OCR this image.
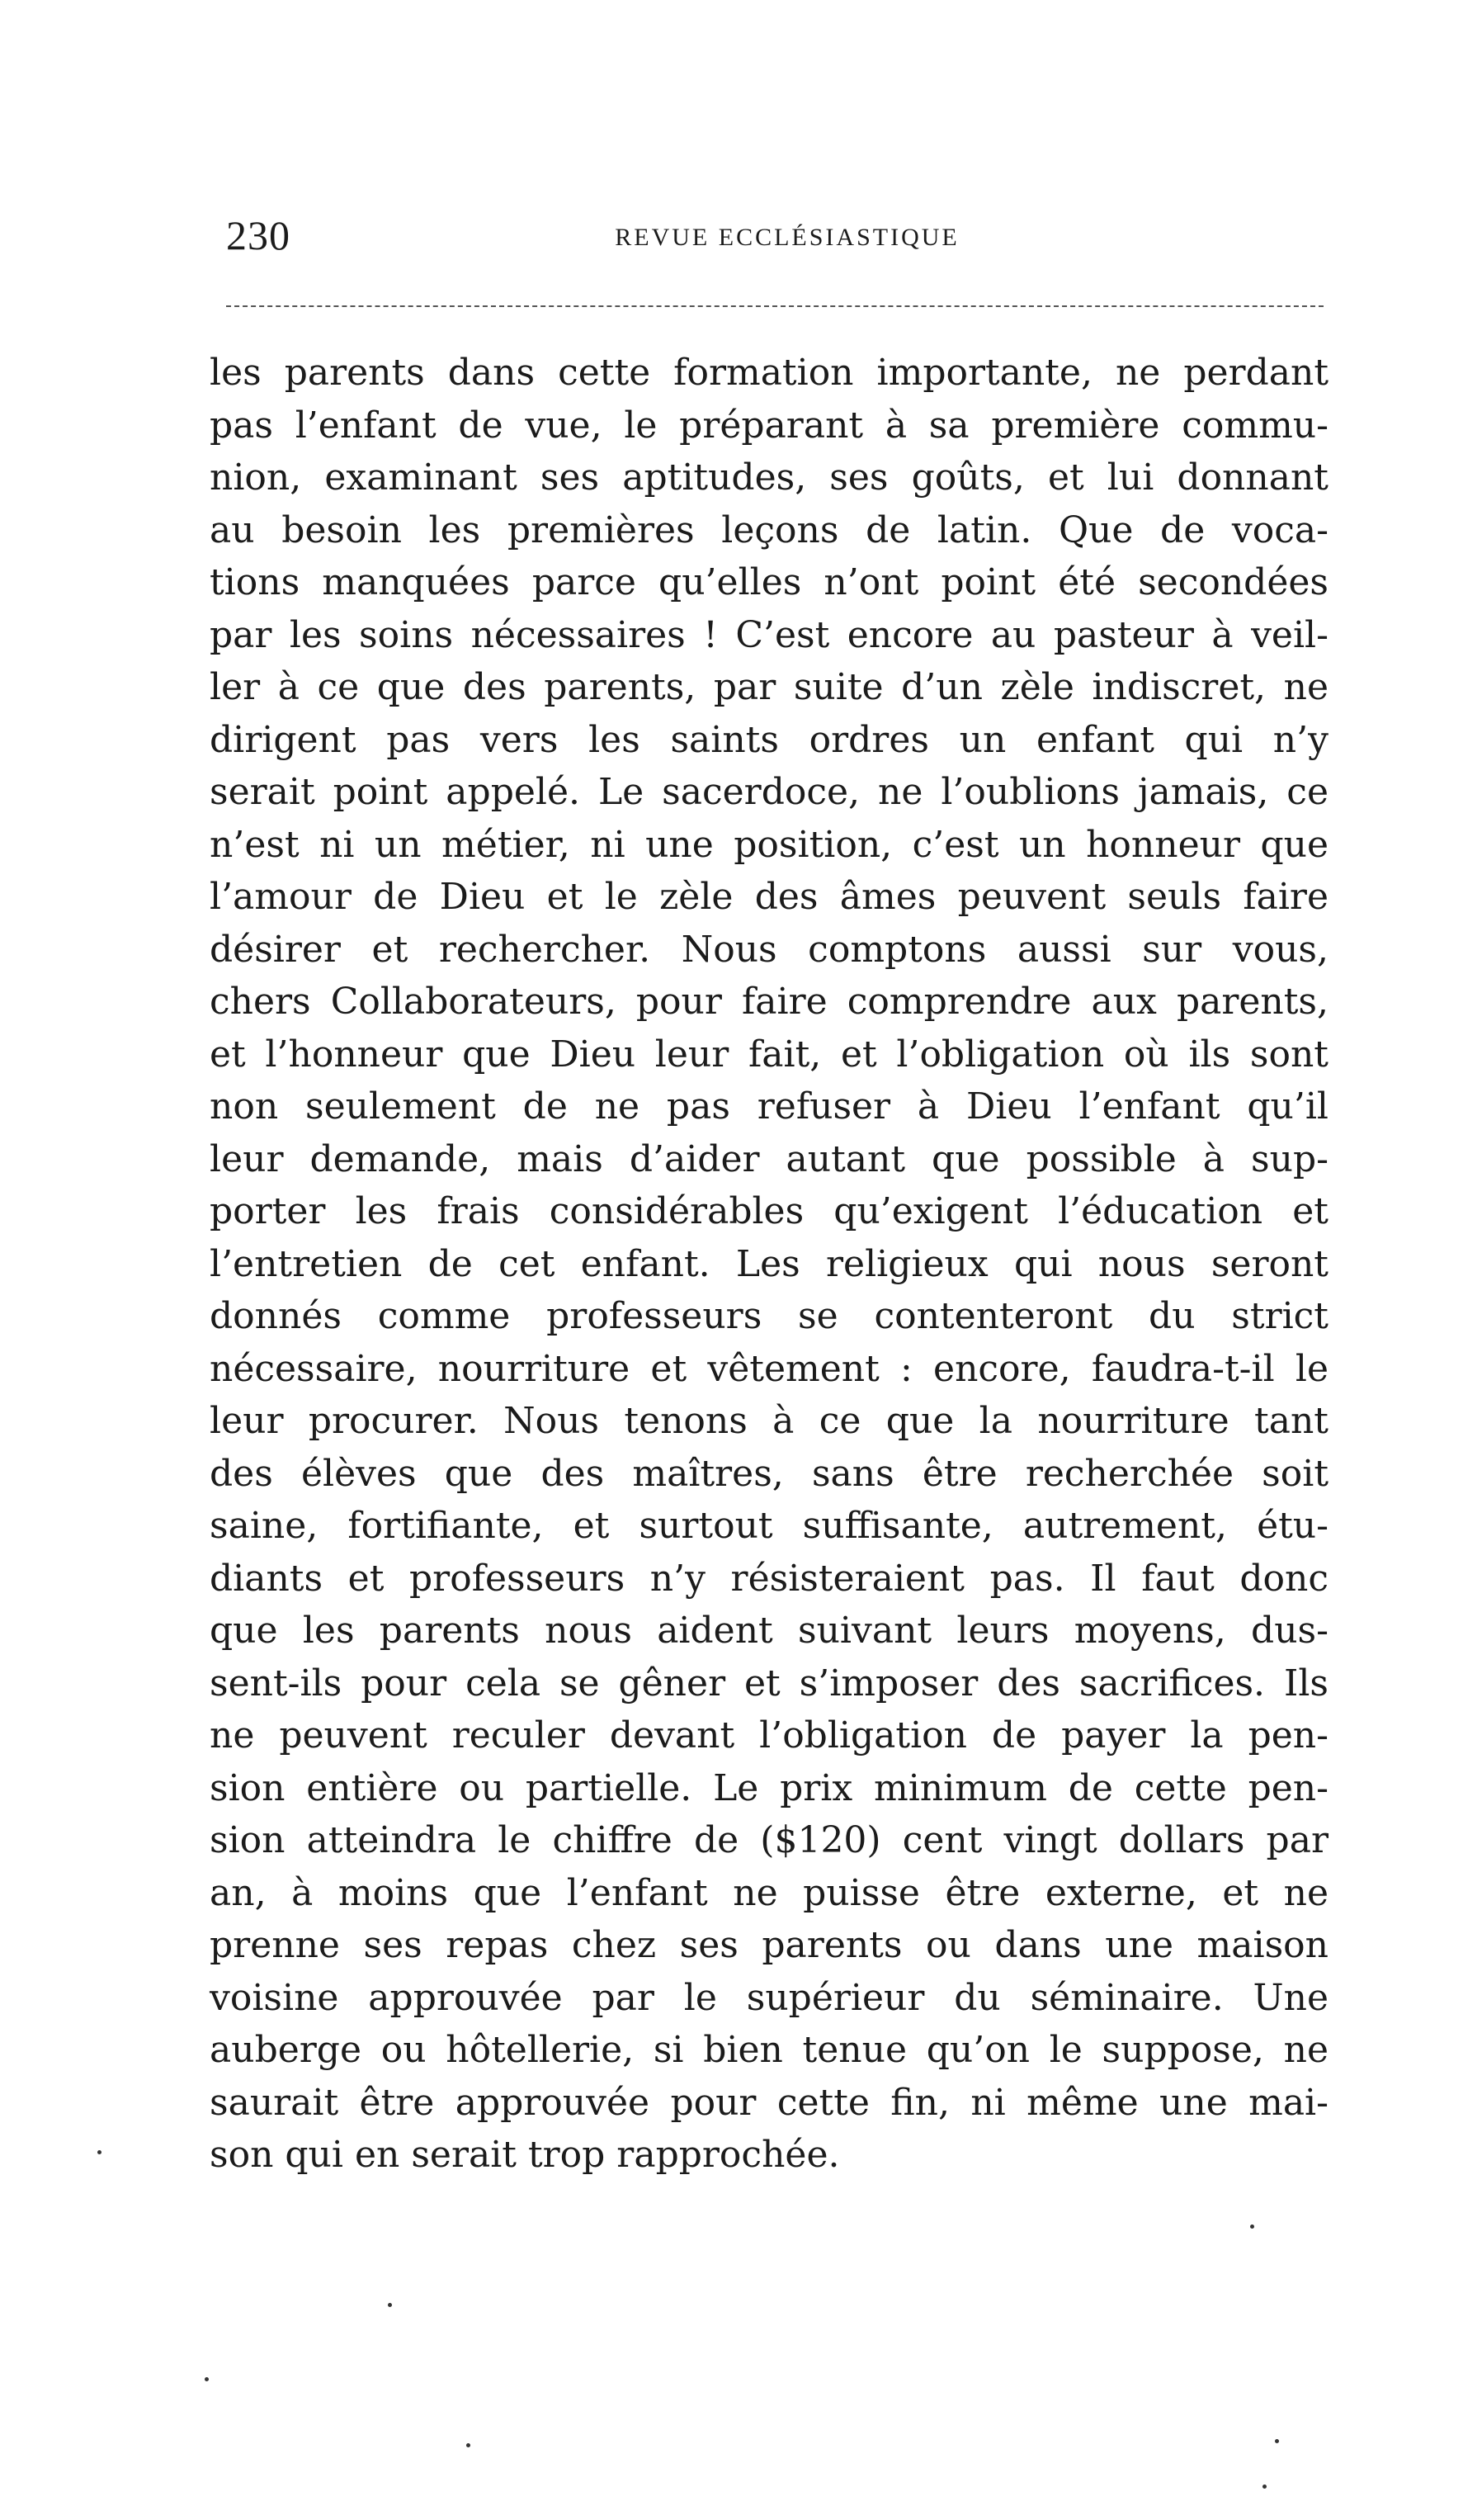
230	REVUE ECCLÉSIASTIQUE
les parents dans cette formation importante, ne perdant
pas l’enfant de vue, le préparant à sa première commu-
nion, examinant ses aptitudes, ses goûts, et lui donnant
au besoin les premières leçons de latin. Que de voca-
tions manquées parce qu’elles n’ont point été secondées
par les soins nécessaires ! C’est encore au pasteur à veil-
ler à ce que des parents, par suite d’un zèle indiscret, ne
dirigent pas vers les saints ordres un enfant qui n’y
serait point appelé. Le sacerdoce, ne l’oublions jamais, ce
n’est ni un métier, ni une position, c’est un honneur que
l’amour de Dieu et le zèle des âmes peuvent seuls faire
désirer et rechercher. Nous comptons aussi sur vous,
chers Collaborateurs, pour faire comprendre aux parents,
et l’honneur que Dieu leur fait, et l’obligation où ils sont
non seulement de ne pas refuser à Dieu l’enfant qu’il
leur demande, mais d’aider autant que possible à sup-
porter les frais considérables qu’exigent l’éducation et
l’entretien de cet enfant. Les religieux qui nous seront
donnés comme professeurs se contenteront du strict
nécessaire, nourriture et vêtement : encore, faudra-t-il le
leur procurer. Nous tenons à ce que la nourriture tant
des élèves que des maîtres, sans être recherchée soit
saine, fortifiante, et surtout suffisante, autrement, étu-
diants et professeurs n’y résisteraient pas. Il faut donc
que les parents nous aident suivant leurs moyens, dus-
sent-ils pour cela se gêner et s’imposer des sacrifices. Ils
ne peuvent reculer devant l’obligation de payer la pen-
sion entière ou partielle. Le prix minimum de cette pen-
sion atteindra le chiffre de ($120) cent vingt dollars par
an, à moins que l’enfant ne puisse être externe, et ne
prenne ses repas chez ses parents ou dans une maison
voisine approuvée par le supérieur du séminaire. Une
auberge ou hôtellerie, si bien tenue qu’on le suppose, ne
saurait être approuvée pour cette fin, ni même une mai-
son qui en serait trop rapprochée.
